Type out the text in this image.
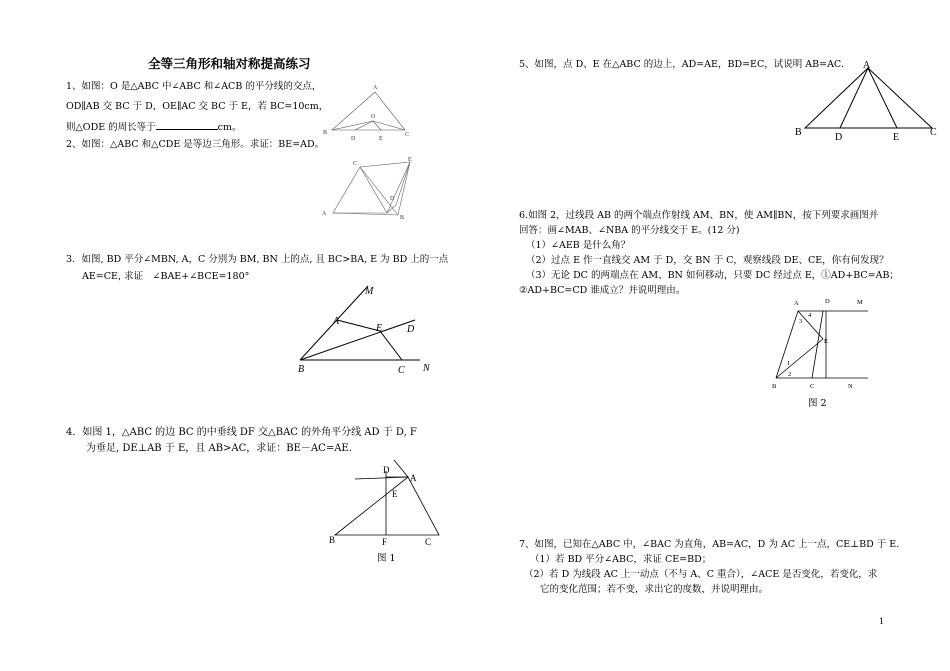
全等三角形和轴对称提高练习
1、如图：O 是△ABC 中∠ABC 和∠ACB 的平分线的交点，
OD∥AB 交 BC 于 D，OE∥AC 交 BC 于 E，若 BC=10cm，
则△ODE 的周长等于	cm。
A
B	C
O
D	E
2、如图：△ABC 和△CDE 是等边三角形。求证：BE=AD。
C
E
D
A
B
3．如图, BD 平分∠MBN, A，C 分别为 BM, BN 上的点, 且 BC>BA, E 为 BD 上的一点
AE=CE, 求证　∠BAE+∠BCE=180°
M
A
E D
B	C N
4．如图 1，△ABC 的边 BC 的中垂线 DF 交△BAC 的外角平分线 AD 于 D, F
为垂足, DE⊥AB 于 E，且 AB>AC，求证：BE－AC=AE.
D
A
E
B	F	C
图 1
5、如图，点 D、E 在△ABC 的边上，AD=AE，BD=EC，试说明 AB=AC. A
B	D	E	C
6.如图 2，过线段 AB 的两个端点作射线 AM、BN，使 AM∥BN，按下列要求画图并
回答：画∠MAB、∠NBA 的平分线交于 E。(12 分)
（1）∠AEB 是什么角？
（2）过点 E 作一直线交 AM 于 D，交 BN 于 C，观察线段 DE、CE，你有何发现？
（3）无论 DC 的两端点在 AM、BN 如何移动，只要 DC 经过点 E，①AD+BC=AB；
②AD+BC=CD 谁成立？并说明理由。
A	D	M
E
B	C	N
1
2
3
4
图 2
7、如图，已知在△ABC 中，∠BAC 为直角，AB=AC，D 为 AC 上一点，CE⊥BD 于 E.
（1）若 BD 平分∠ABC，求证 CE=BD；
（2）若 D 为线段 AC 上一动点（不与 A、C 重合），∠ACE 是否变化，若变化，求
它的变化范围；若不变，求出它的度数，并说明理由。
1
